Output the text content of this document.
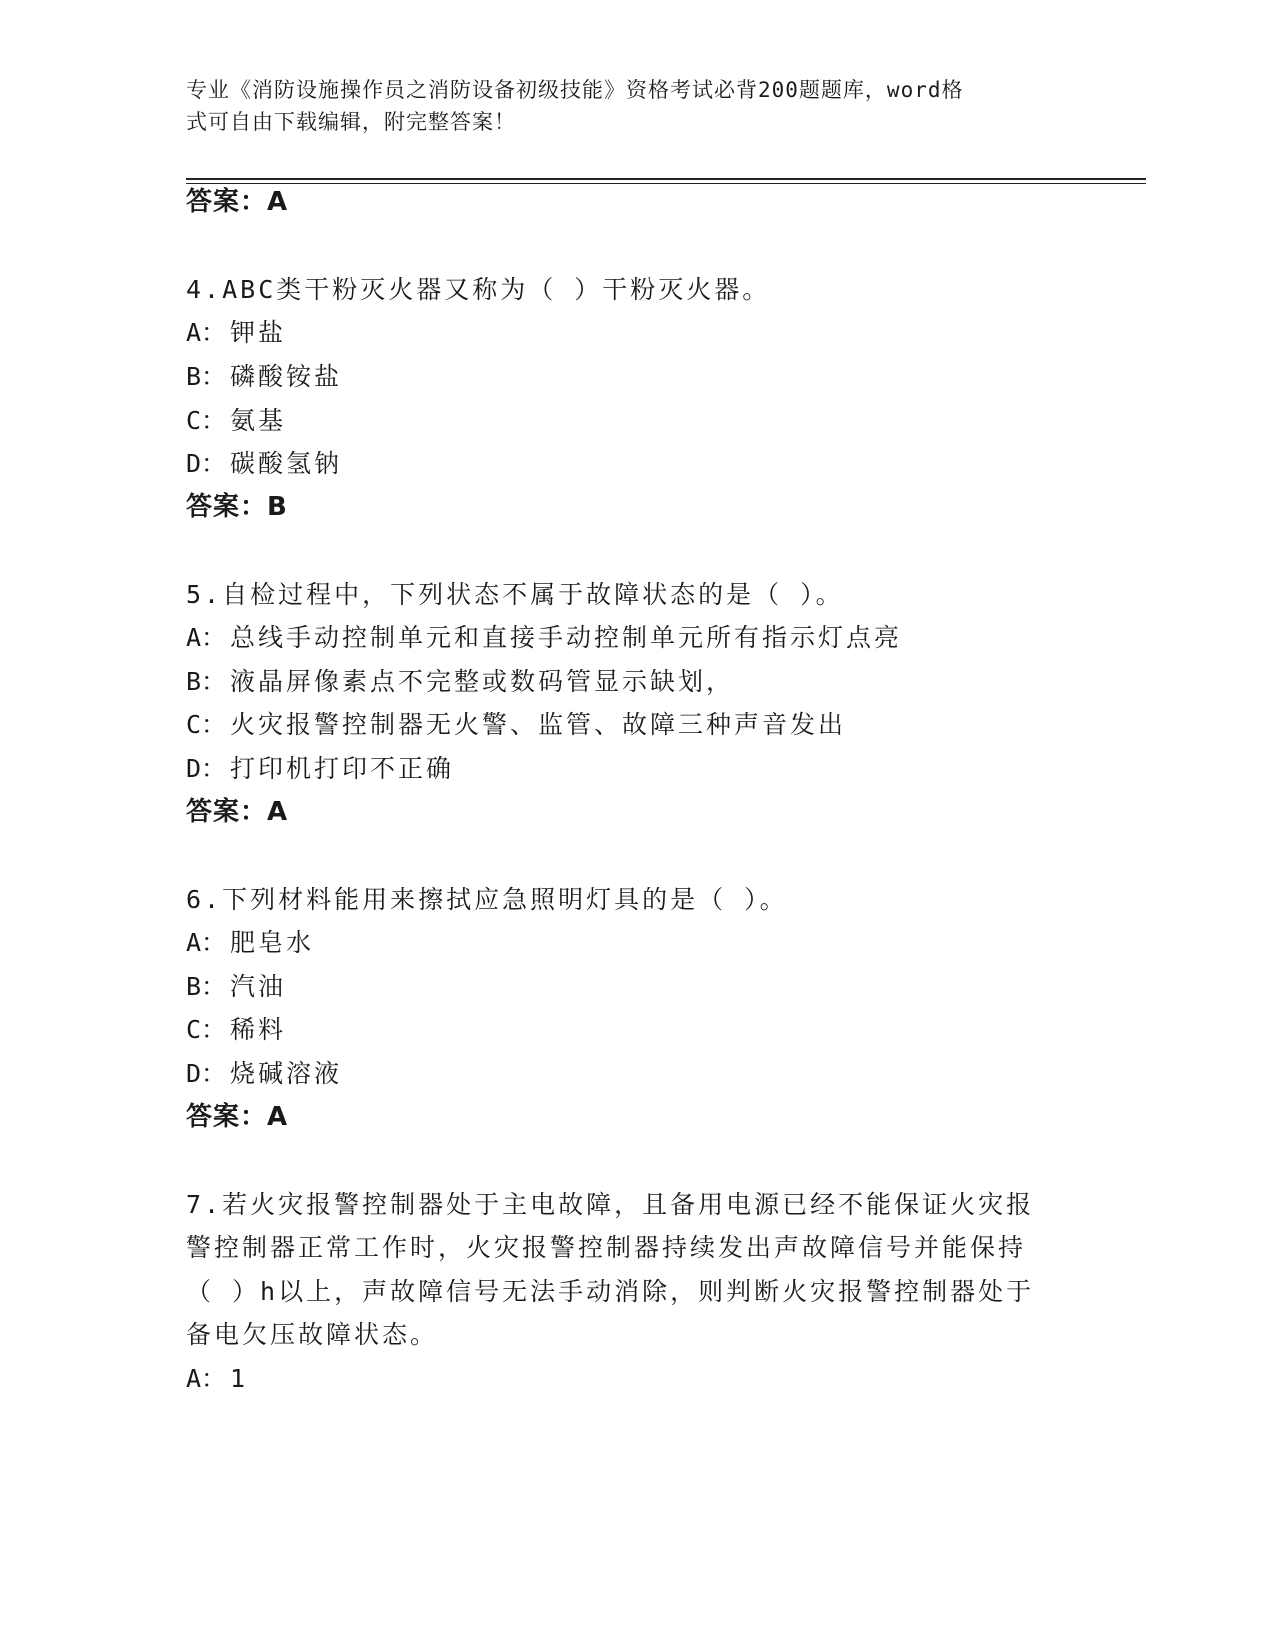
专业《消防设施操作员之消防设备初级技能》资格考试必背200题题库，word格
式可自由下载编辑，附完整答案！
答案：A
4.ABC类干粉灭火器又称为（ ）干粉灭火器。
A： 钾盐
B： 磷酸铵盐
C： 氨基
D： 碳酸氢钠
答案：B
5.自检过程中，下列状态不属于故障状态的是（ ）。
A： 总线手动控制单元和直接手动控制单元所有指示灯点亮
B： 液晶屏像素点不完整或数码管显示缺划，
C： 火灾报警控制器无火警、监管、故障三种声音发出
D： 打印机打印不正确
答案：A
6.下列材料能用来擦拭应急照明灯具的是（ ）。
A： 肥皂水
B： 汽油
C： 稀料
D： 烧碱溶液
答案：A
7.若火灾报警控制器处于主电故障，且备用电源已经不能保证火灾报
警控制器正常工作时，火灾报警控制器持续发出声故障信号并能保持
（ ）h以上，声故障信号无法手动消除，则判断火灾报警控制器处于
备电欠压故障状态。
A： 1
